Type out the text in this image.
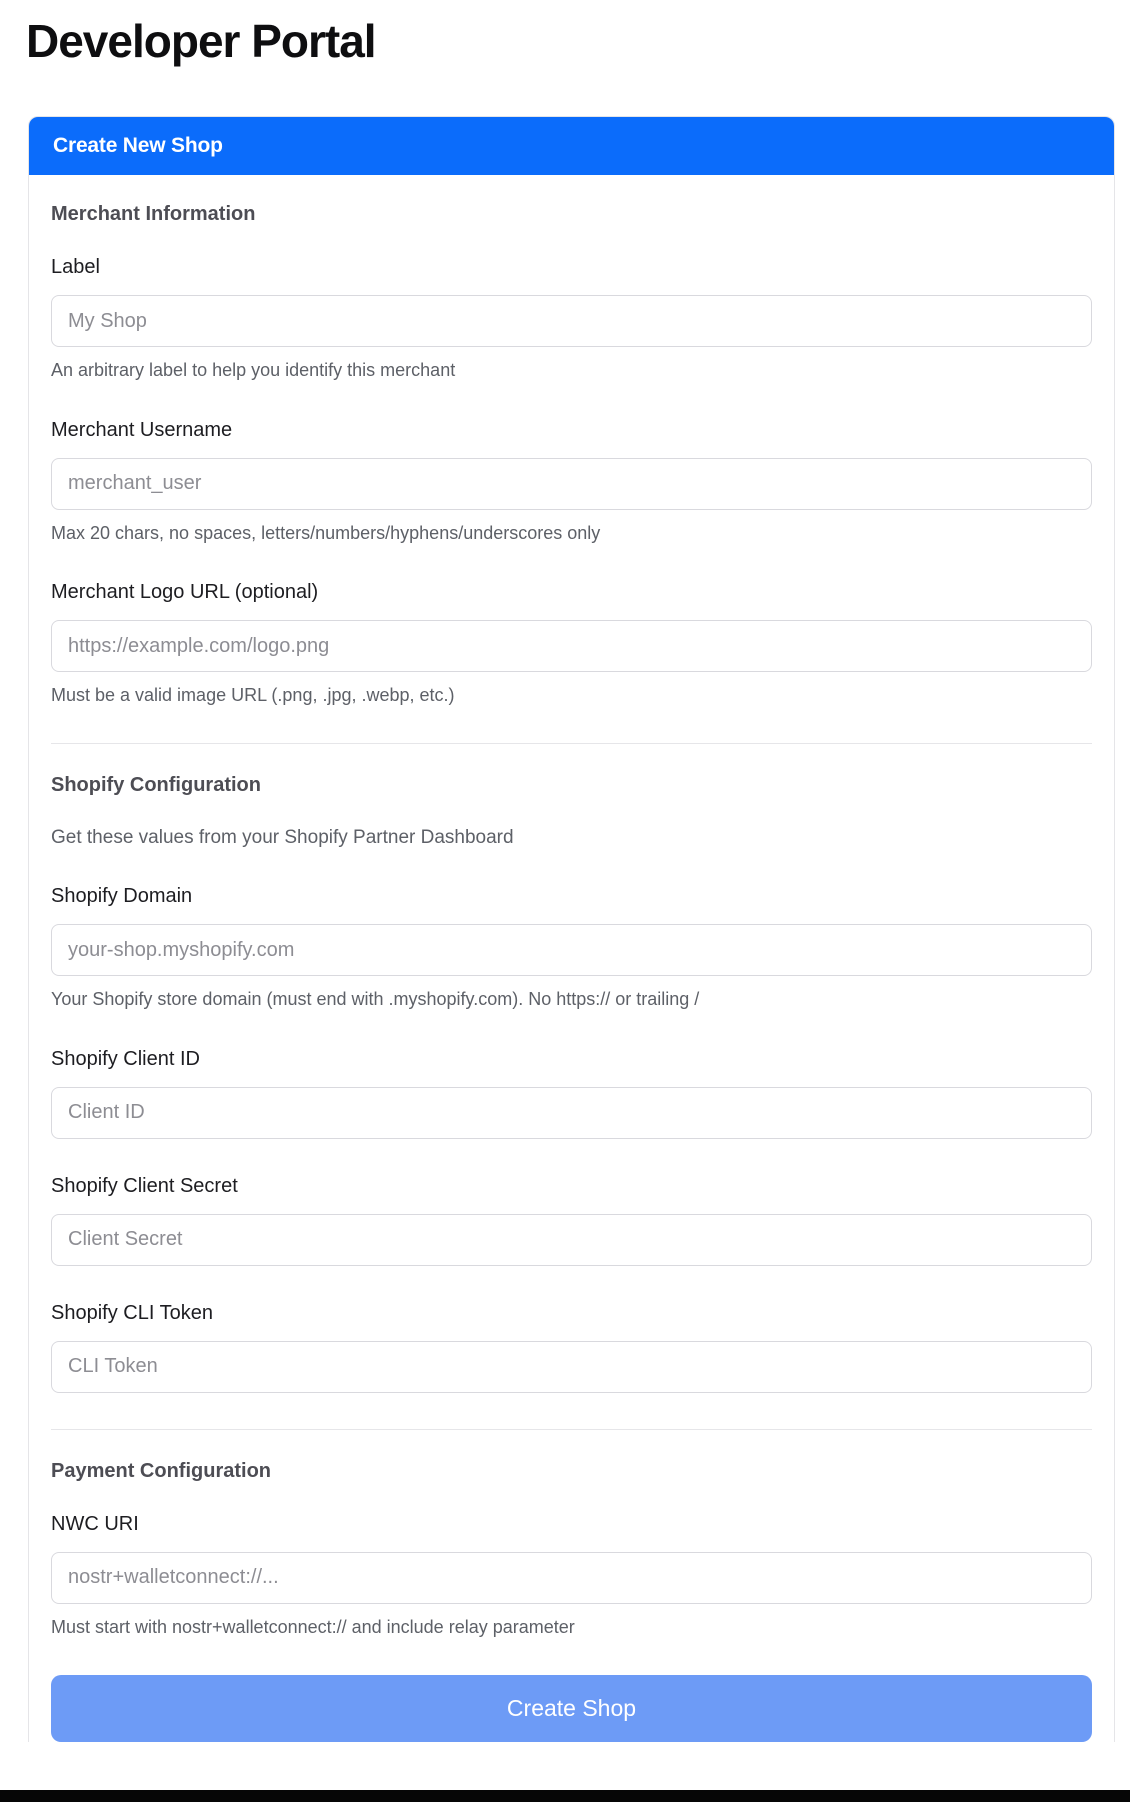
Developer Portal
Create New Shop
Merchant Information
Label
My Shop
An arbitrary label to help you identify this merchant
Merchant Username
merchant_user
Max 20 chars, no spaces, letters/numbers/hyphens/underscores only
Merchant Logo URL (optional)
https://example.com/logo.png
Must be a valid image URL (.png, .jpg, .webp, etc.)
Shopify Configuration
Get these values from your Shopify Partner Dashboard
Shopify Domain
your-shop.myshopify.com
Your Shopify store domain (must end with .myshopify.com). No https:// or trailing /
Shopify Client ID
Client ID
Shopify Client Secret
Client Secret
Shopify CLI Token
CLI Token
Payment Configuration
NWC URI
nostr+walletconnect://...
Must start with nostr+walletconnect:// and include relay parameter
Create Shop
